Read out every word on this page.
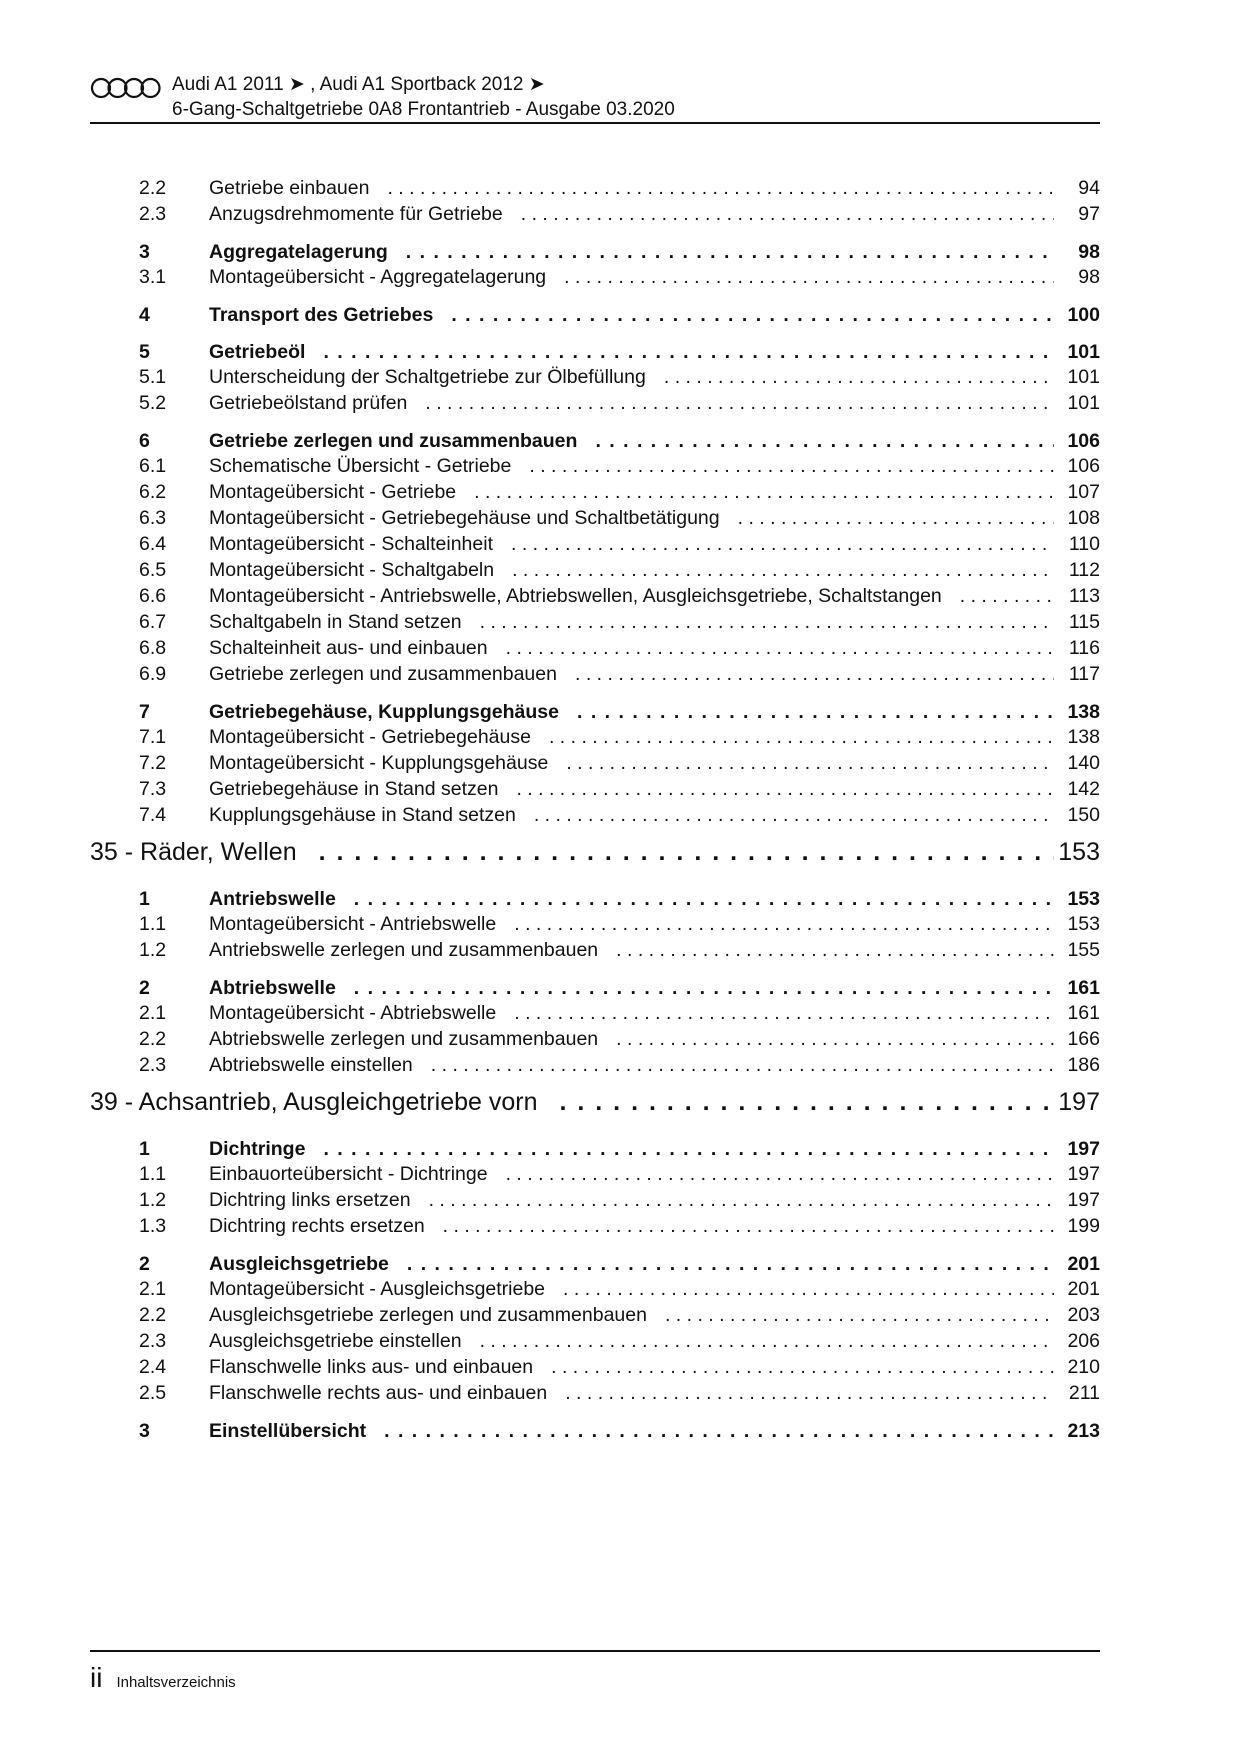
Audi A1 2011 ➤ , Audi A1 Sportback 2012 ➤
6-Gang-Schaltgetriebe 0A8 Frontantrieb - Ausgabe 03.2020
2.2	Getriebe einbauen . . .	94
2.3	Anzugsdrehmomente für Getriebe . . .	97
3	Aggregatelagerung . . .	98
3.1	Montageübersicht - Aggregatelagerung . . .	98
4	Transport des Getriebes . . .	100
5	Getriebeöl . . .	101
5.1	Unterscheidung der Schaltgetriebe zur Ölbefüllung . . .	101
5.2	Getriebeölstand prüfen . . .	101
6	Getriebe zerlegen und zusammenbauen . . .	106
6.1	Schematische Übersicht - Getriebe . . .	106
6.2	Montageübersicht - Getriebe . . .	107
6.3	Montageübersicht - Getriebegehäuse und Schaltbetätigung . . .	108
6.4	Montageübersicht - Schalteinheit . . .	110
6.5	Montageübersicht - Schaltgabeln . . .	112
6.6	Montageübersicht - Antriebswelle, Abtriebswellen, Ausgleichsgetriebe, Schaltstangen . . .	113
6.7	Schaltgabeln in Stand setzen . . .	115
6.8	Schalteinheit aus- und einbauen . . .	116
6.9	Getriebe zerlegen und zusammenbauen . . .	117
7	Getriebegehäuse, Kupplungsgehäuse . . .	138
7.1	Montageübersicht - Getriebegehäuse . . .	138
7.2	Montageübersicht - Kupplungsgehäuse . . .	140
7.3	Getriebegehäuse in Stand setzen . . .	142
7.4	Kupplungsgehäuse in Stand setzen . . .	150
35 - Räder, Wellen . . .	153
1	Antriebswelle . . .	153
1.1	Montageübersicht - Antriebswelle . . .	153
1.2	Antriebswelle zerlegen und zusammenbauen . . .	155
2	Abtriebswelle . . .	161
2.1	Montageübersicht - Abtriebswelle . . .	161
2.2	Abtriebswelle zerlegen und zusammenbauen . . .	166
2.3	Abtriebswelle einstellen . . .	186
39 - Achsantrieb, Ausgleichgetriebe vorn . . .	197
1	Dichtringe . . .	197
1.1	Einbauorteübersicht - Dichtringe . . .	197
1.2	Dichtring links ersetzen . . .	197
1.3	Dichtring rechts ersetzen . . .	199
2	Ausgleichsgetriebe . . .	201
2.1	Montageübersicht - Ausgleichsgetriebe . . .	201
2.2	Ausgleichsgetriebe zerlegen und zusammenbauen . . .	203
2.3	Ausgleichsgetriebe einstellen . . .	206
2.4	Flanschwelle links aus- und einbauen . . .	210
2.5	Flanschwelle rechts aus- und einbauen . . .	211
3	Einstellübersicht . . .	213
ii Inhaltsverzeichnis
